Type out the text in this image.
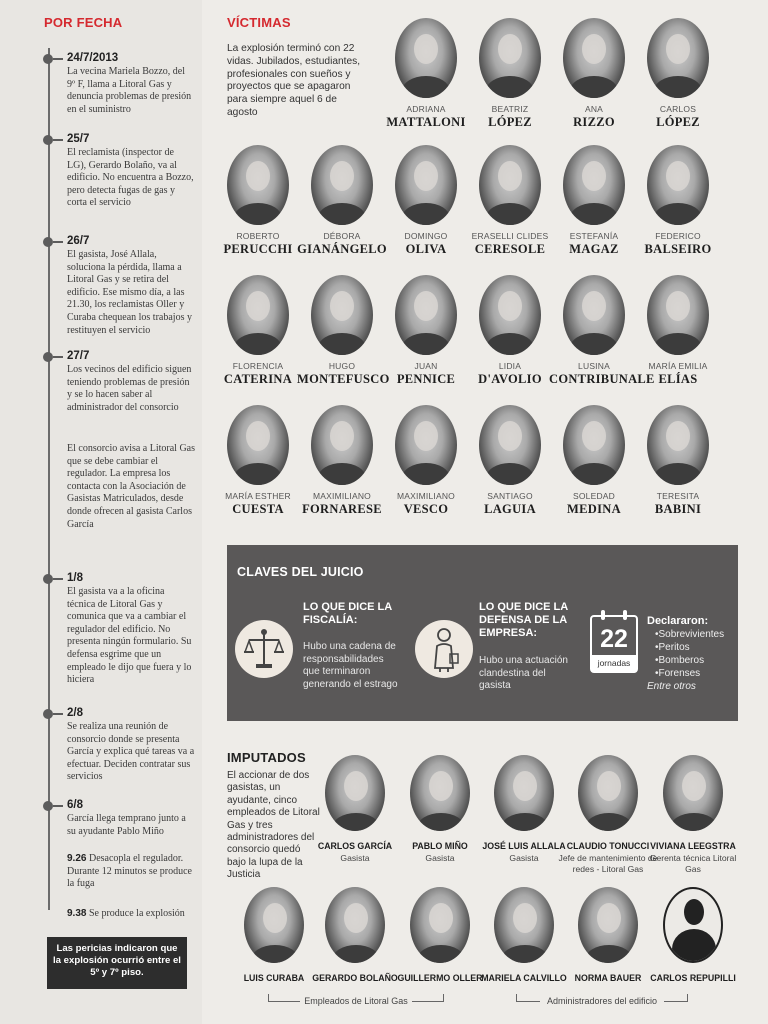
POR FECHA
24/7/2013
La vecina Mariela Bozzo, del 9º F, llama a Litoral Gas y denuncia problemas de presión en el suministro
25/7
El reclamista (inspector de LG), Gerardo Bolaño, va al edificio. No encuentra a Bozzo, pero detecta fugas de gas y corta el servicio
26/7
El gasista, José Allala, soluciona la pérdida, llama a Litoral Gas y se retira del edificio. Ese mismo día, a las 21.30, los reclamistas Oller y Curaba chequean los trabajos y restituyen el servicio
27/7
Los vecinos del edificio siguen teniendo problemas de presión y se lo hacen saber al administrador del consorcio
El consorcio avisa a Litoral Gas que se debe cambiar el regulador. La empresa los contacta con la Asociación de Gasistas Matriculados, desde donde ofrecen al gasista Carlos García
1/8
El gasista va a la oficina técnica de Litoral Gas y comunica que va a cambiar el regulador del edificio. No presenta ningún formulario. Su defensa esgrime que un empleado le dijo que fuera y lo hiciera
2/8
Se realiza una reunión de consorcio donde se presenta García y explica qué tareas va a efectuar. Deciden contratar sus servicios
6/8
García llega temprano junto a su ayudante Pablo Miño
9.26 Desacopla el regulador. Durante 12 minutos se produce la fuga
9.38 Se produce la explosión
Las pericias indicaron que la explosión ocurrió entre el 5º y 7º piso.
VÍCTIMAS
La explosión terminó con 22 vidas. Jubilados, estudiantes, profesionales con sueños y proyectos que se apagaron para siempre aquel 6 de agosto	ADRIANA
MATTALONI
BEATRIZ
LÓPEZ
ANA
RIZZO
CARLOS
LÓPEZ
ROBERTO
PERUCCHI
DÉBORA
GIANÁNGELO
DOMINGO
OLIVA
ERASELLI CLIDES
CERESOLE
ESTEFANÍA
MAGAZ
FEDERICO
BALSEIRO
FLORENCIA
CATERINA
HUGO
MONTEFUSCO
JUAN
PENNICE
LIDIA
D'AVOLIO
LUSINA
CONTRIBUNALE
MARÍA EMILIA
ELÍAS
MARÍA ESTHER
CUESTA
MAXIMILIANO
FORNARESE
MAXIMILIANO
VESCO
SANTIAGO
LAGUIA
SOLEDAD
MEDINA
TERESITA
BABINI
CLAVES DEL JUICIO
LO QUE DICE LA FISCALÍA:
Hubo una cadena de responsabilidades que terminaron generando el estrago
LO QUE DICE LA DEFENSA DE LA EMPRESA:
Hubo una actuación clandestina del gasista
22
jornadas
Declararon:
•Sobrevivientes
•Peritos
•Bomberos
•Forenses
Entre otros
IMPUTADOS
El accionar de dos gasistas, un ayudante, cinco empleados de Litoral Gas y tres administradores del consorcio quedó bajo la lupa de la Justicia
CARLOS GARCÍA
Gasista
PABLO MIÑO
Gasista
JOSÉ LUIS ALLALA
Gasista
CLAUDIO TONUCCI
Jefe de mantenimiento de redes - Litoral Gas
VIVIANA LEEGSTRA
Gerenta técnica Litoral Gas
LUIS CURABA GERARDO BOLAÑO GUILLERMO OLLER
MARIELA CALVILLO NORMA BAUER	CARLOS REPUPILLI
Empleados de Litoral Gas	Administradores del edificio
